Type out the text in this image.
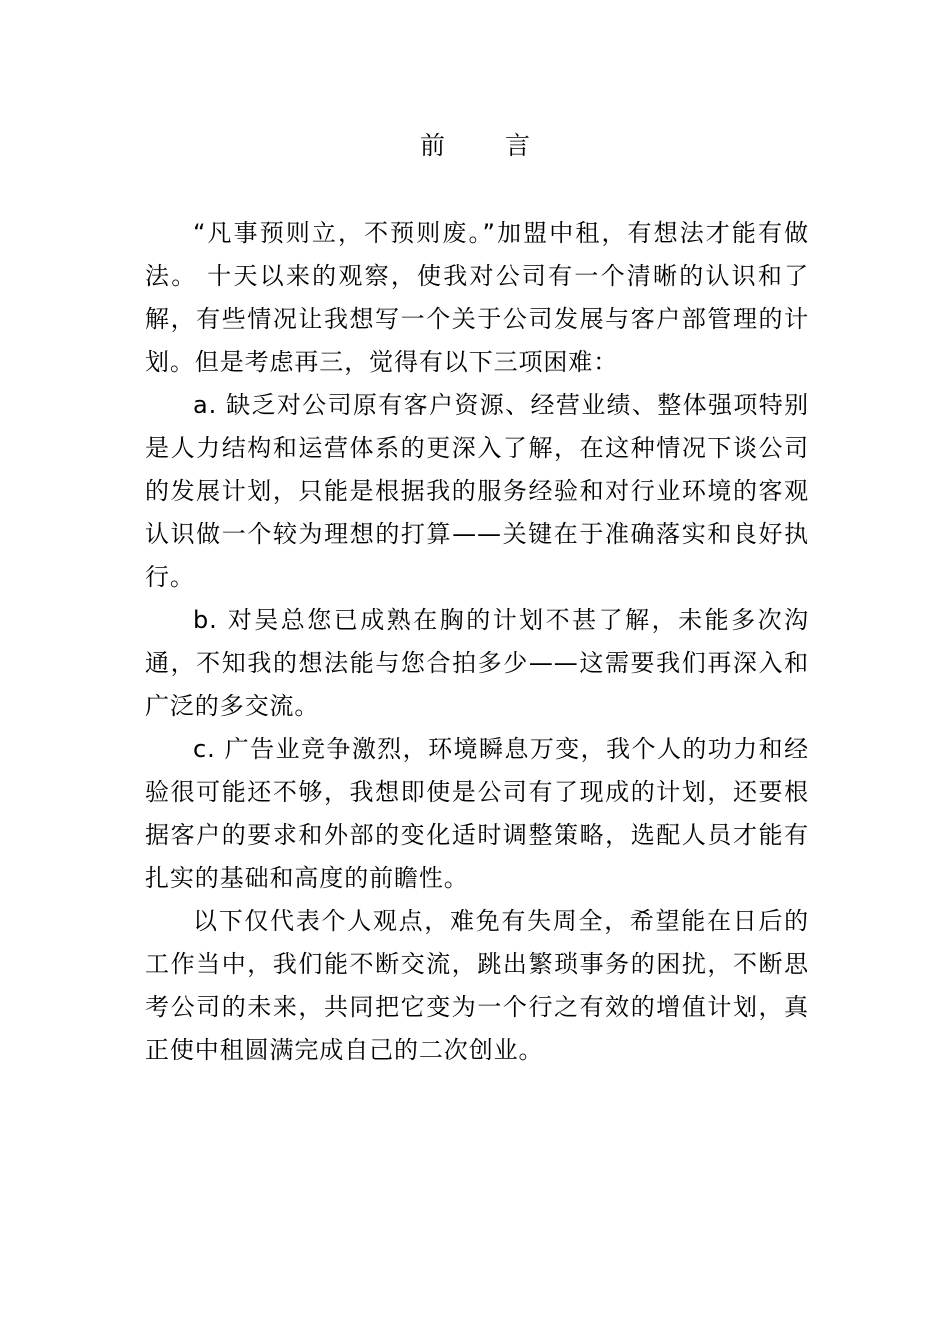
前 言

“凡事预则立，不预则废。”加盟中租，有想法才能有做法。 十天以来的观察，使我对公司有一个清晰的认识和了解，有些情况让我想写一个关于公司发展与客户部管理的计划。但是考虑再三，觉得有以下三项困难：

a. 缺乏对公司原有客户资源、经营业绩、整体强项特别是人力结构和运营体系的更深入了解，在这种情况下谈公司的发展计划，只能是根据我的服务经验和对行业环境的客观认识做一个较为理想的打算——关键在于准确落实和良好执行。

b. 对吴总您已成熟在胸的计划不甚了解，未能多次沟通，不知我的想法能与您合拍多少——这需要我们再深入和广泛的多交流。

c. 广告业竞争激烈，环境瞬息万变，我个人的功力和经验很可能还不够，我想即使是公司有了现成的计划，还要根据客户的要求和外部的变化适时调整策略，选配人员才能有扎实的基础和高度的前瞻性。

以下仅代表个人观点，难免有失周全，希望能在日后的工作当中，我们能不断交流，跳出繁琐事务的困扰，不断思考公司的未来，共同把它变为一个行之有效的增值计划，真正使中租圆满完成自己的二次创业。
